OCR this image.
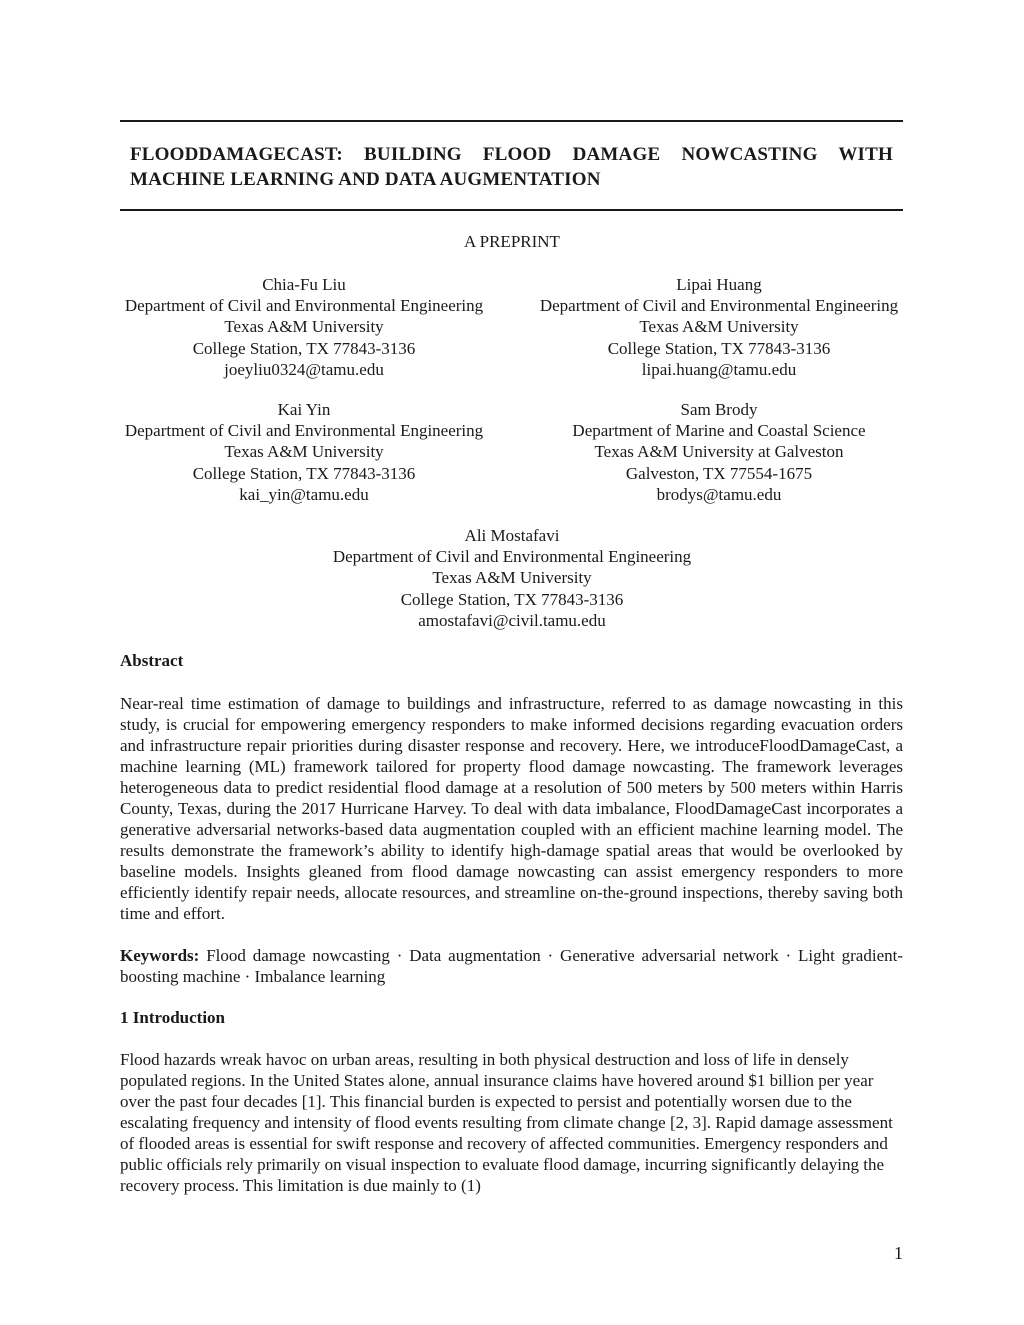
FLOODDAMAGECAST: BUILDING FLOOD DAMAGE NOWCASTING WITH
MACHINE LEARNING AND DATA AUGMENTATION
A PREPRINT
Chia-Fu Liu
Department of Civil and Environmental Engineering
Texas A&M University
College Station, TX 77843-3136
joeyliu0324@tamu.edu
Lipai Huang
Department of Civil and Environmental Engineering
Texas A&M University
College Station, TX 77843-3136
lipai.huang@tamu.edu
Kai Yin
Department of Civil and Environmental Engineering
Texas A&M University
College Station, TX 77843-3136
kai_yin@tamu.edu
Sam Brody
Department of Marine and Coastal Science
Texas A&M University at Galveston
Galveston, TX 77554-1675
brodys@tamu.edu
Ali Mostafavi
Department of Civil and Environmental Engineering
Texas A&M University
College Station, TX 77843-3136
amostafavi@civil.tamu.edu
Abstract
Near-real time estimation of damage to buildings and infrastructure, referred to as damage nowcasting in this study, is crucial for empowering emergency responders to make informed decisions regarding evacuation orders and infrastructure repair priorities during disaster response and recovery. Here, we introduceFloodDamageCast, a machine learning (ML) framework tailored for property flood damage nowcasting. The framework leverages heterogeneous data to predict residential flood damage at a resolution of 500 meters by 500 meters within Harris County, Texas, during the 2017 Hurricane Harvey. To deal with data imbalance, FloodDamageCast incorporates a generative adversarial networks-based data augmentation coupled with an efficient machine learning model. The results demonstrate the framework’s ability to identify high-damage spatial areas that would be overlooked by baseline models. Insights gleaned from flood damage nowcasting can assist emergency responders to more efficiently identify repair needs, allocate resources, and streamline on-the-ground inspections, thereby saving both time and effort.
Keywords: Flood damage nowcasting · Data augmentation · Generative adversarial network · Light gradient-boosting machine · Imbalance learning
1 Introduction
Flood hazards wreak havoc on urban areas, resulting in both physical destruction and loss of life in densely populated regions. In the United States alone, annual insurance claims have hovered around $1 billion per year over the past four decades [1]. This financial burden is expected to persist and potentially worsen due to the escalating frequency and intensity of flood events resulting from climate change [2, 3]. Rapid damage assessment of flooded areas is essential for swift response and recovery of affected communities. Emergency responders and public officials rely primarily on visual inspection to evaluate flood damage, incurring significantly delaying the recovery process. This limitation is due mainly to (1)
1
